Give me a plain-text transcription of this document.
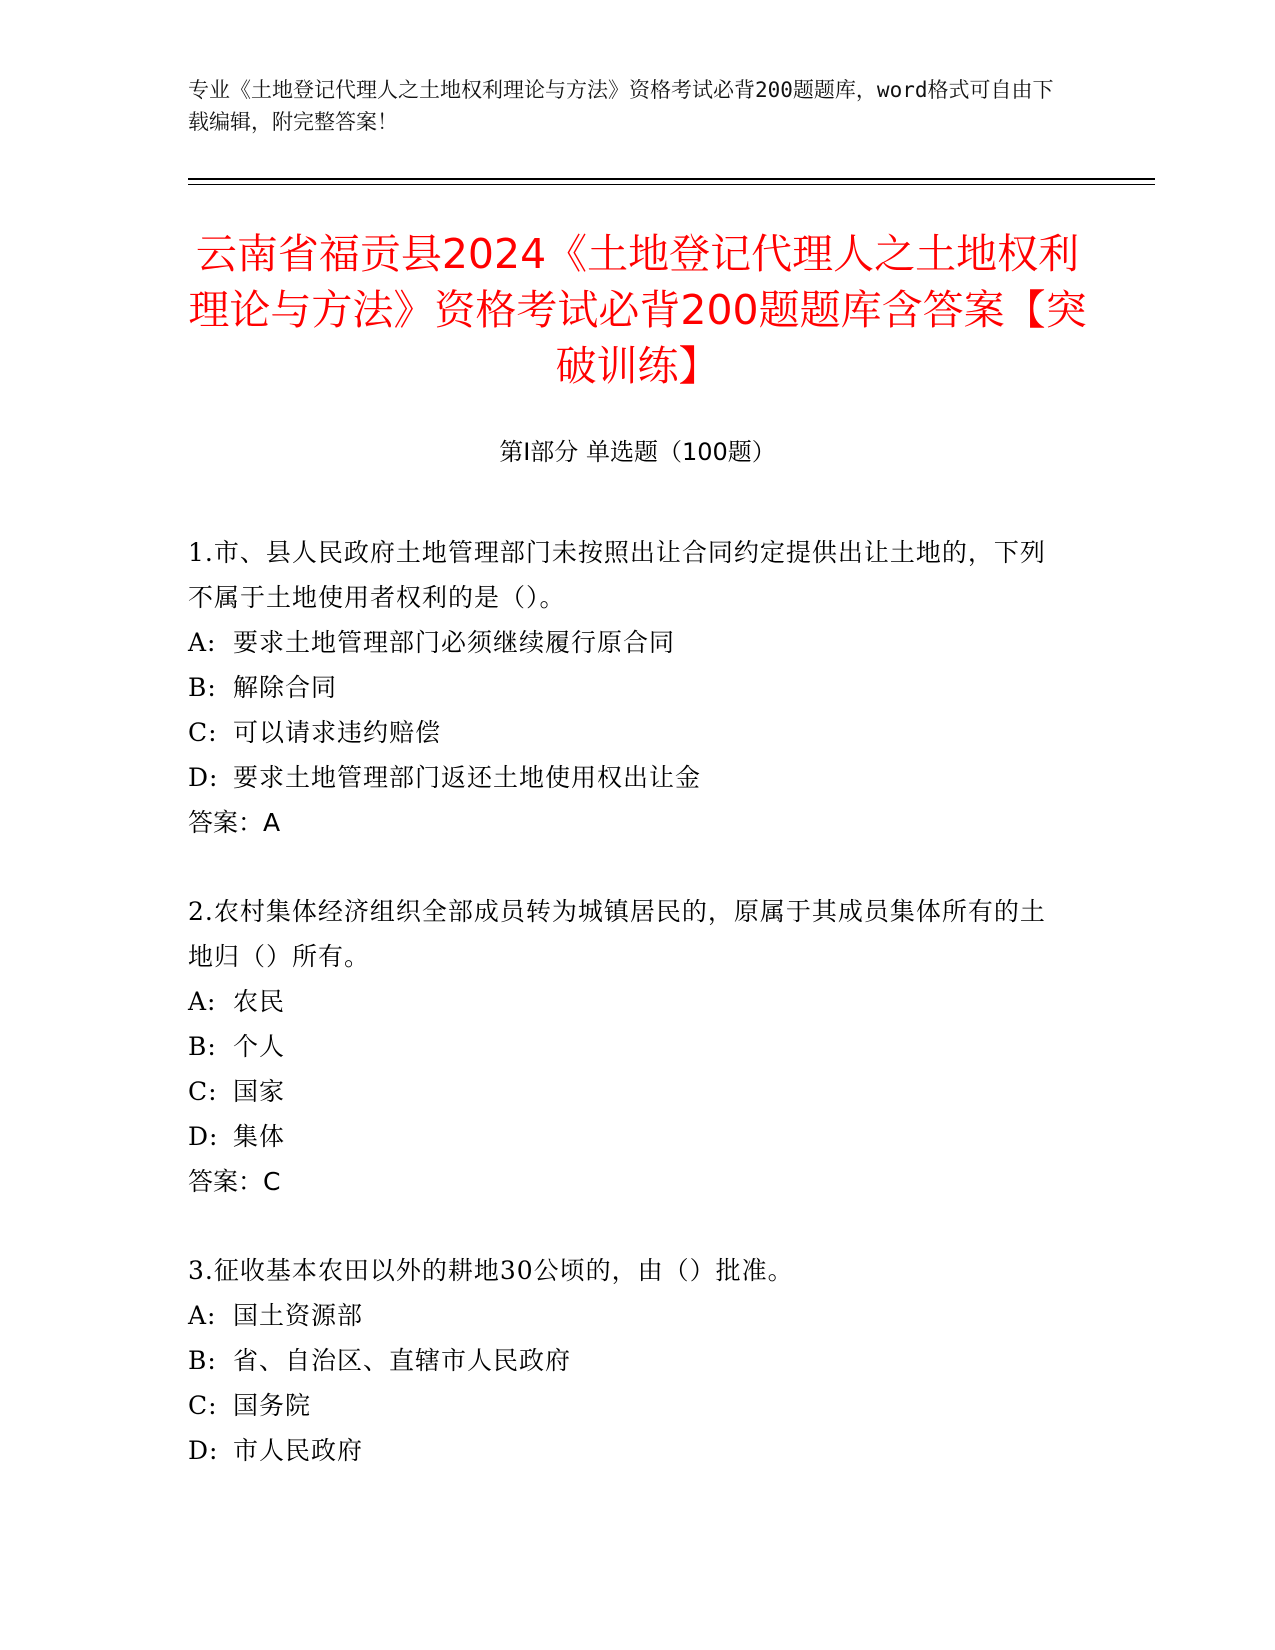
专业《土地登记代理人之土地权利理论与方法》资格考试必背200题题库，word格式可自由下载编辑，附完整答案！
云南省福贡县2024《土地登记代理人之土地权利理论与方法》资格考试必背200题题库含答案【突破训练】
第Ⅰ部分 单选题（100题）
1.市、县人民政府土地管理部门未按照出让合同约定提供出让土地的，下列不属于土地使用者权利的是（）。
A: 要求土地管理部门必须继续履行原合同
B: 解除合同
C: 可以请求违约赔偿
D: 要求土地管理部门返还土地使用权出让金
答案：A
2.农村集体经济组织全部成员转为城镇居民的，原属于其成员集体所有的土地归（）所有。
A: 农民
B: 个人
C: 国家
D: 集体
答案：C
3.征收基本农田以外的耕地30公顷的，由（）批准。
A: 国土资源部
B: 省、自治区、直辖市人民政府
C: 国务院
D: 市人民政府
